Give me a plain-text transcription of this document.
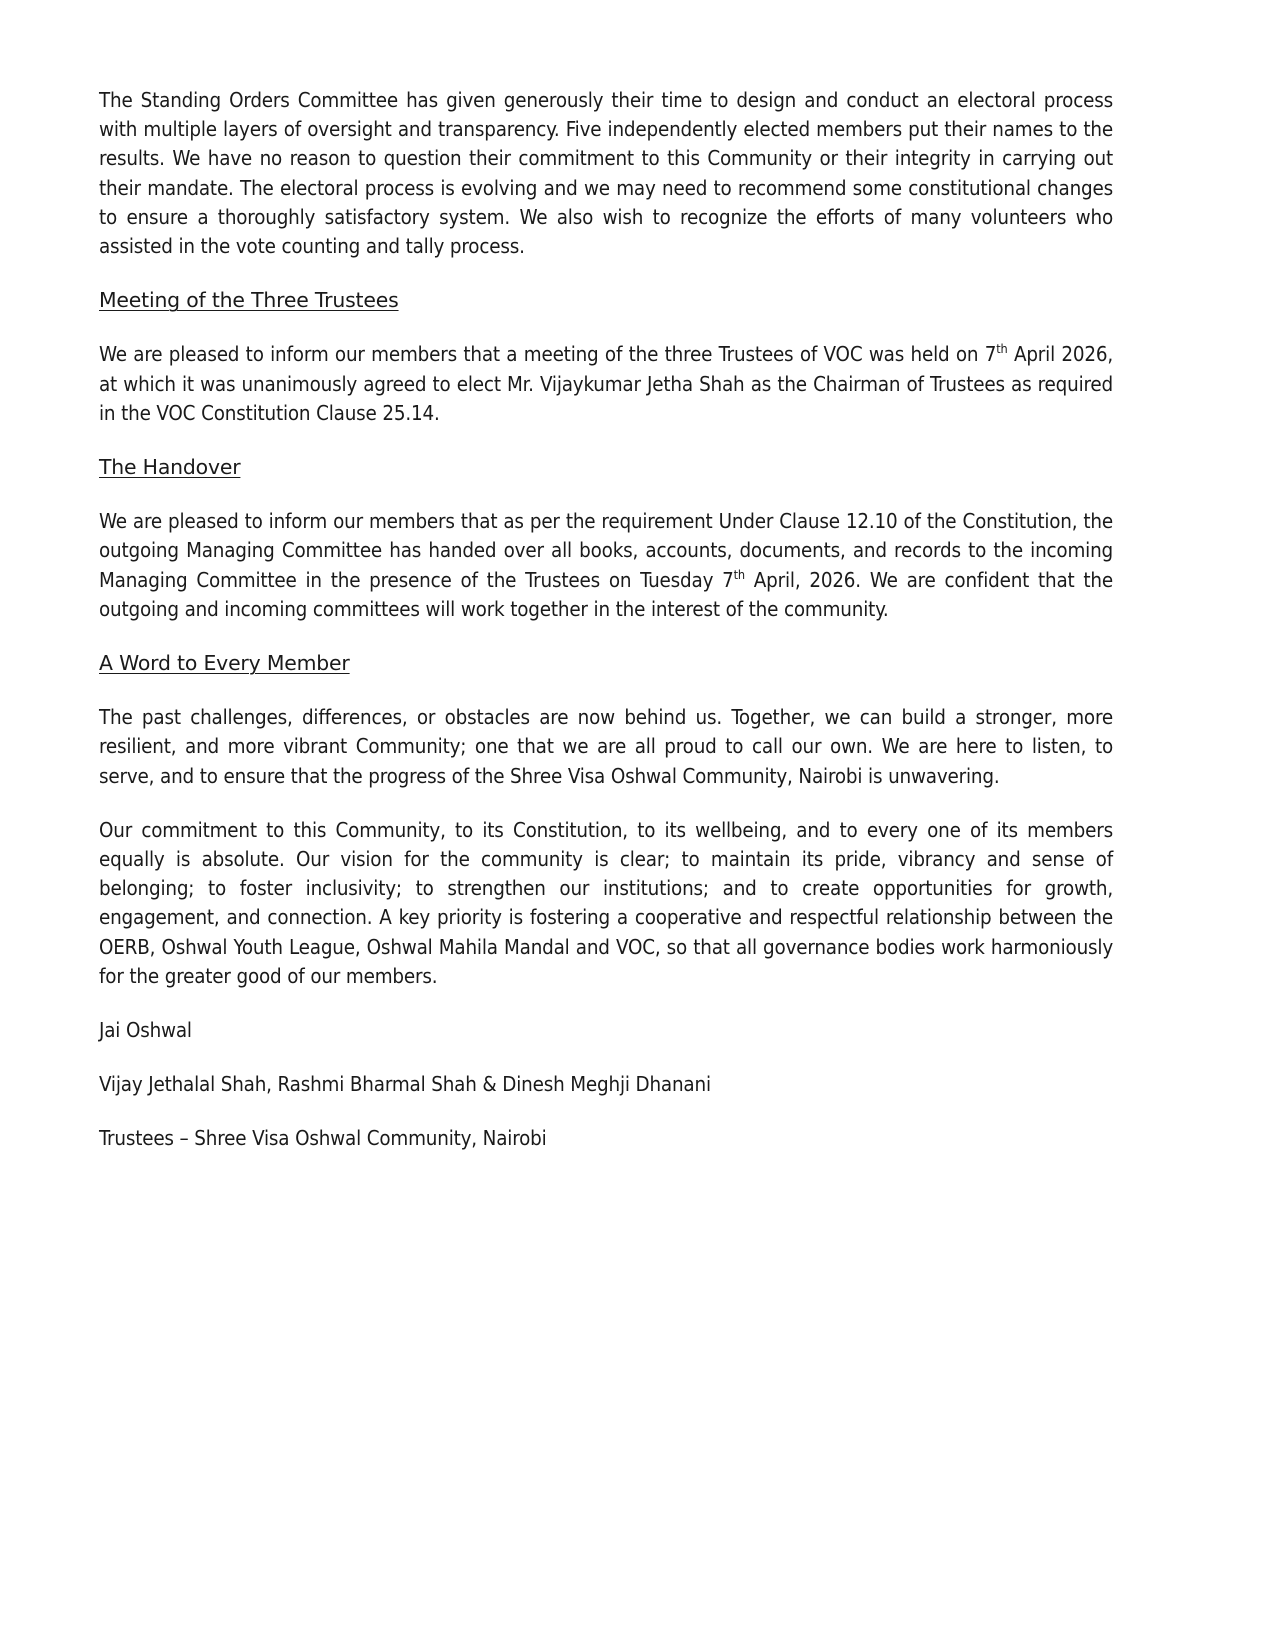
The Standing Orders Committee has given generously their time to design and conduct an electoral process with multiple layers of oversight and transparency. Five independently elected members put their names to the results. We have no reason to question their commitment to this Community or their integrity in carrying out their mandate. The electoral process is evolving and we may need to recommend some constitutional changes to ensure a thoroughly satisfactory system. We also wish to recognize the efforts of many volunteers who assisted in the vote counting and tally process.

Meeting of the Three Trustees

We are pleased to inform our members that a meeting of the three Trustees of VOC was held on 7th April 2026, at which it was unanimously agreed to elect Mr. Vijaykumar Jetha Shah as the Chairman of Trustees as required in the VOC Constitution Clause 25.14.

The Handover

We are pleased to inform our members that as per the requirement Under Clause 12.10 of the Constitution, the outgoing Managing Committee has handed over all books, accounts, documents, and records to the incoming Managing Committee in the presence of the Trustees on Tuesday 7th April, 2026. We are confident that the outgoing and incoming committees will work together in the interest of the community.

A Word to Every Member

The past challenges, differences, or obstacles are now behind us. Together, we can build a stronger, more resilient, and more vibrant Community; one that we are all proud to call our own. We are here to listen, to serve, and to ensure that the progress of the Shree Visa Oshwal Community, Nairobi is unwavering.

Our commitment to this Community, to its Constitution, to its wellbeing, and to every one of its members equally is absolute. Our vision for the community is clear; to maintain its pride, vibrancy and sense of belonging; to foster inclusivity; to strengthen our institutions; and to create opportunities for growth, engagement, and connection. A key priority is fostering a cooperative and respectful relationship between the OERB, Oshwal Youth League, Oshwal Mahila Mandal and VOC, so that all governance bodies work harmoniously for the greater good of our members.

Jai Oshwal

Vijay Jethalal Shah, Rashmi Bharmal Shah & Dinesh Meghji Dhanani

Trustees – Shree Visa Oshwal Community, Nairobi
